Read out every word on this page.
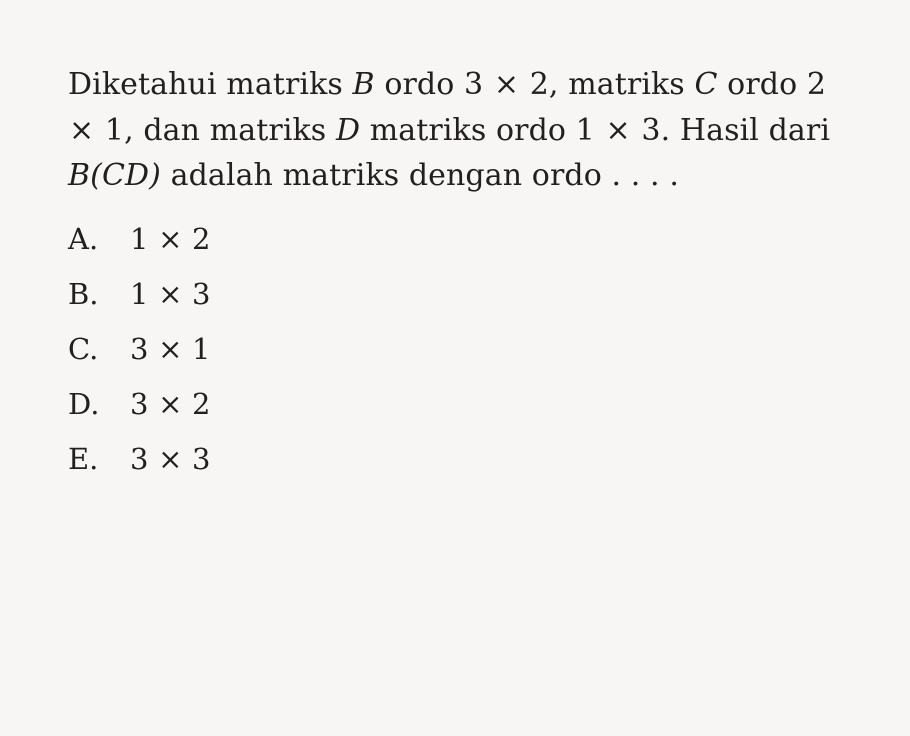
Diketahui matriks B ordo 3 × 2, matriks C ordo 2 × 1, dan matriks D matriks ordo 1 × 3. Hasil dari B(CD) adalah matriks dengan ordo . . . .
A.	1 × 2
B.	1 × 3
C.	3 × 1
D.	3 × 2
E.	3 × 3
